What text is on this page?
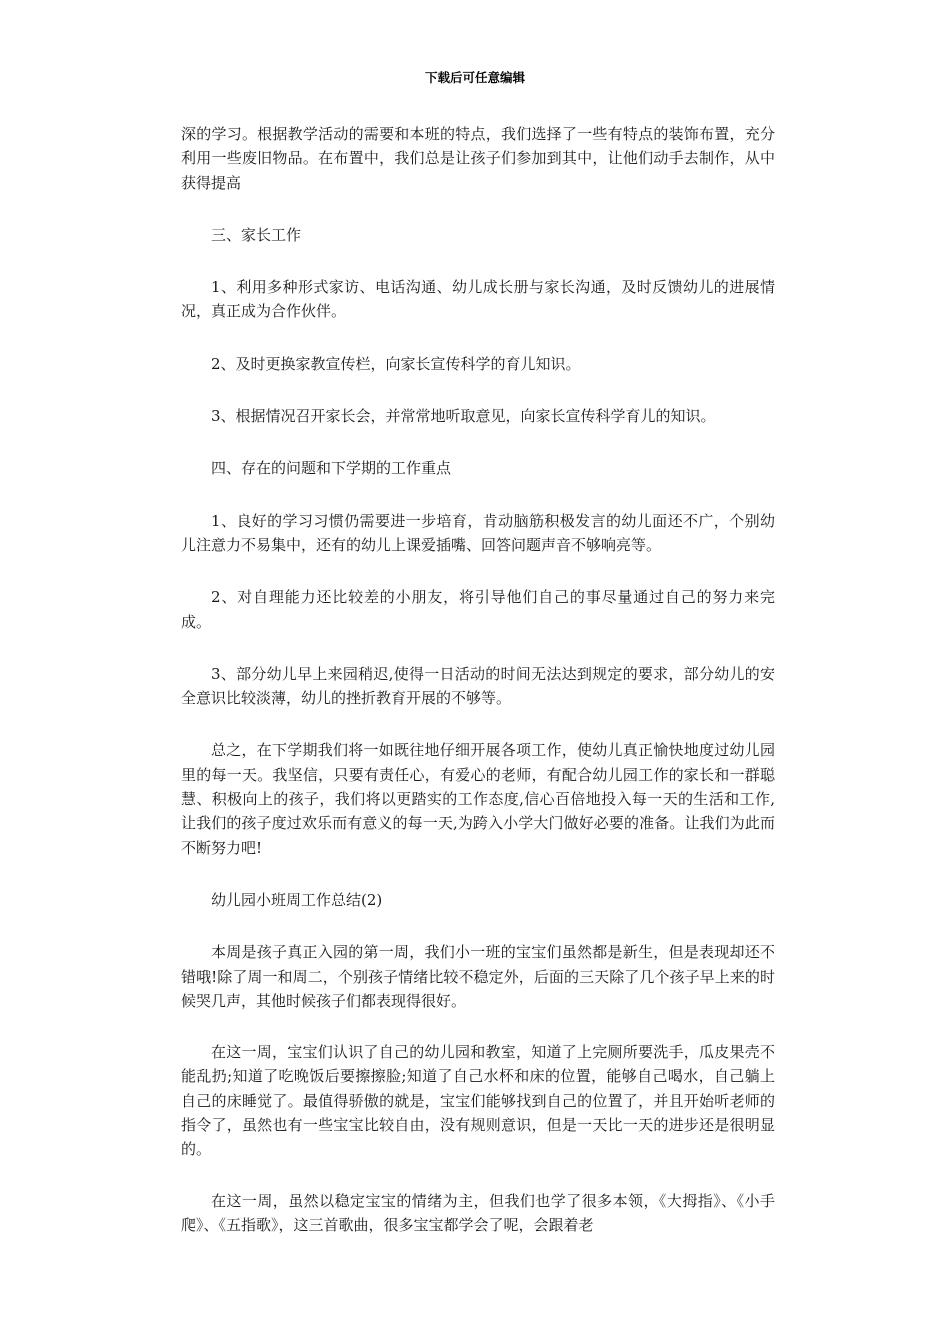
下载后可任意编辑

深的学习。根据教学活动的需要和本班的特点，我们选择了一些有特点的装饰布置，充分利用一些废旧物品。在布置中，我们总是让孩子们参加到其中，让他们动手去制作，从中获得提高

三、家长工作

1、利用多种形式家访、电话沟通、幼儿成长册与家长沟通，及时反馈幼儿的进展情况，真正成为合作伙伴。

2、及时更换家教宣传栏，向家长宣传科学的育儿知识。

3、根据情况召开家长会，并常常地听取意见，向家长宣传科学育儿的知识。

四、存在的问题和下学期的工作重点

1、良好的学习习惯仍需要进一步培育，肯动脑筋积极发言的幼儿面还不广，个别幼儿注意力不易集中，还有的幼儿上课爱插嘴、回答问题声音不够响亮等。

2、对自理能力还比较差的小朋友，将引导他们自己的事尽量通过自己的努力来完成。

3、部分幼儿早上来园稍迟,使得一日活动的时间无法达到规定的要求，部分幼儿的安全意识比较淡薄，幼儿的挫折教育开展的不够等。

总之，在下学期我们将一如既往地仔细开展各项工作，使幼儿真正愉快地度过幼儿园里的每一天。我坚信，只要有责任心，有爱心的老师，有配合幼儿园工作的家长和一群聪慧、积极向上的孩子，我们将以更踏实的工作态度,信心百倍地投入每一天的生活和工作,让我们的孩子度过欢乐而有意义的每一天,为跨入小学大门做好必要的准备。让我们为此而不断努力吧!

幼儿园小班周工作总结(2)

本周是孩子真正入园的第一周，我们小一班的宝宝们虽然都是新生，但是表现却还不错哦!除了周一和周二，个别孩子情绪比较不稳定外，后面的三天除了几个孩子早上来的时候哭几声，其他时候孩子们都表现得很好。

在这一周，宝宝们认识了自己的幼儿园和教室，知道了上完厕所要洗手，瓜皮果壳不能乱扔;知道了吃晚饭后要擦擦脸;知道了自己水杯和床的位置，能够自己喝水，自己躺上自己的床睡觉了。最值得骄傲的就是，宝宝们能够找到自己的位置了，并且开始听老师的指令了，虽然也有一些宝宝比较自由，没有规则意识，但是一天比一天的进步还是很明显的。

在这一周，虽然以稳定宝宝的情绪为主，但我们也学了很多本领，《大拇指》、《小手爬》、《五指歌》，这三首歌曲，很多宝宝都学会了呢，会跟着老
